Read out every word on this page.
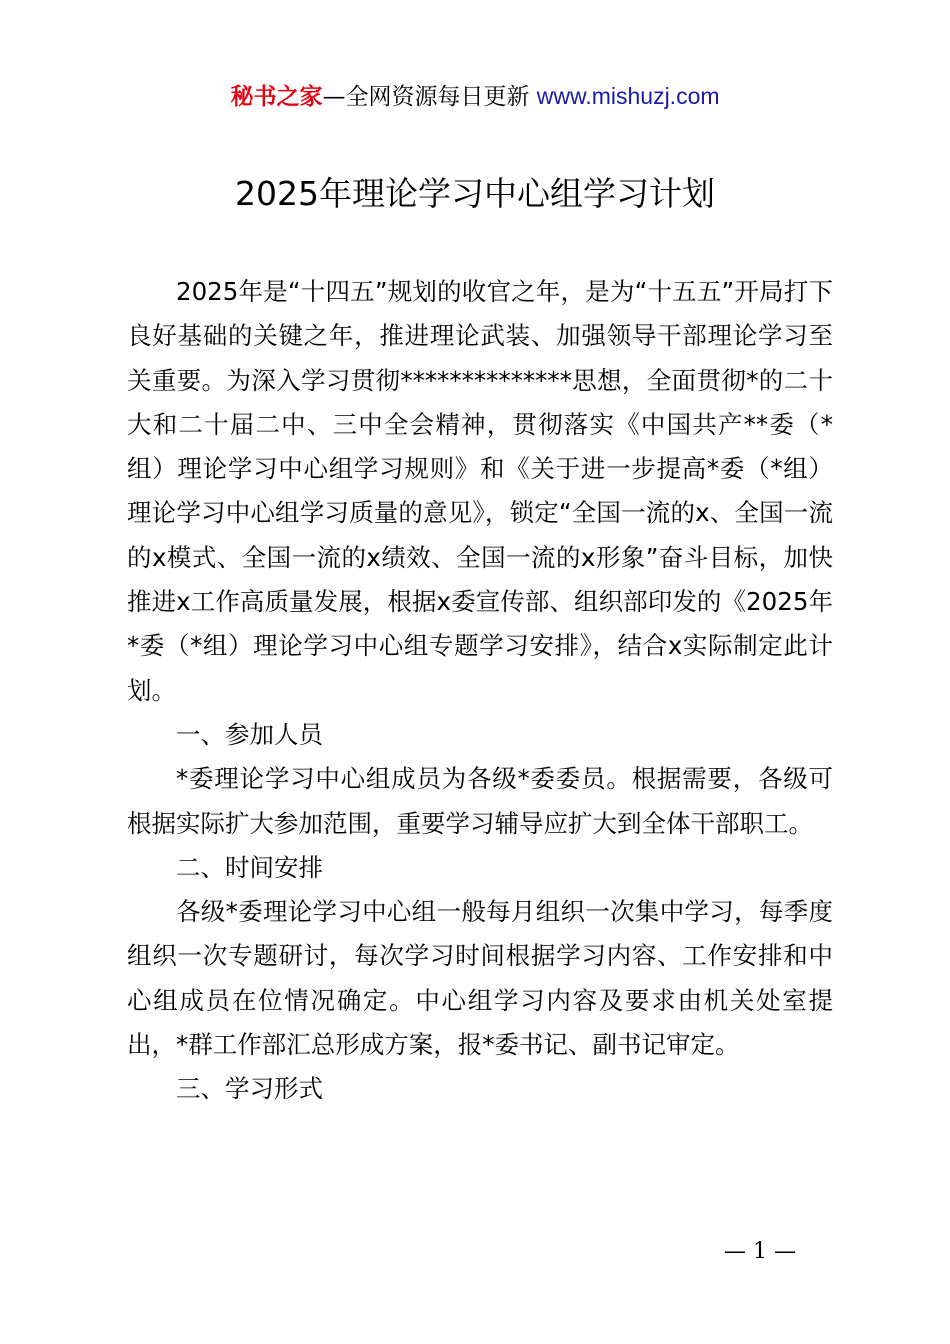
秘书之家—全网资源每日更新 www.mishuzj.com
2025年理论学习中心组学习计划

2025年是“十四五”规划的收官之年，是为“十五五”开局打下良好基础的关键之年，推进理论武装、加强领导干部理论学习至关重要。为深入学习贯彻**************思想，全面贯彻*的二十大和二十届二中、三中全会精神，贯彻落实《中国共产**委（*组）理论学习中心组学习规则》和《关于进一步提高*委（*组）理论学习中心组学习质量的意见》，锁定“全国一流的x、全国一流的x模式、全国一流的x绩效、全国一流的x形象”奋斗目标，加快推进x工作高质量发展，根据x委宣传部、组织部印发的《2025年*委（*组）理论学习中心组专题学习安排》，结合x实际制定此计划。

一、参加人员

*委理论学习中心组成员为各级*委委员。根据需要，各级可根据实际扩大参加范围，重要学习辅导应扩大到全体干部职工。

二、时间安排

各级*委理论学习中心组一般每月组织一次集中学习，每季度组织一次专题研讨，每次学习时间根据学习内容、工作安排和中心组成员在位情况确定。中心组学习内容及要求由机关处室提出，*群工作部汇总形成方案，报*委书记、副书记审定。

三、学习形式

— 1 —
